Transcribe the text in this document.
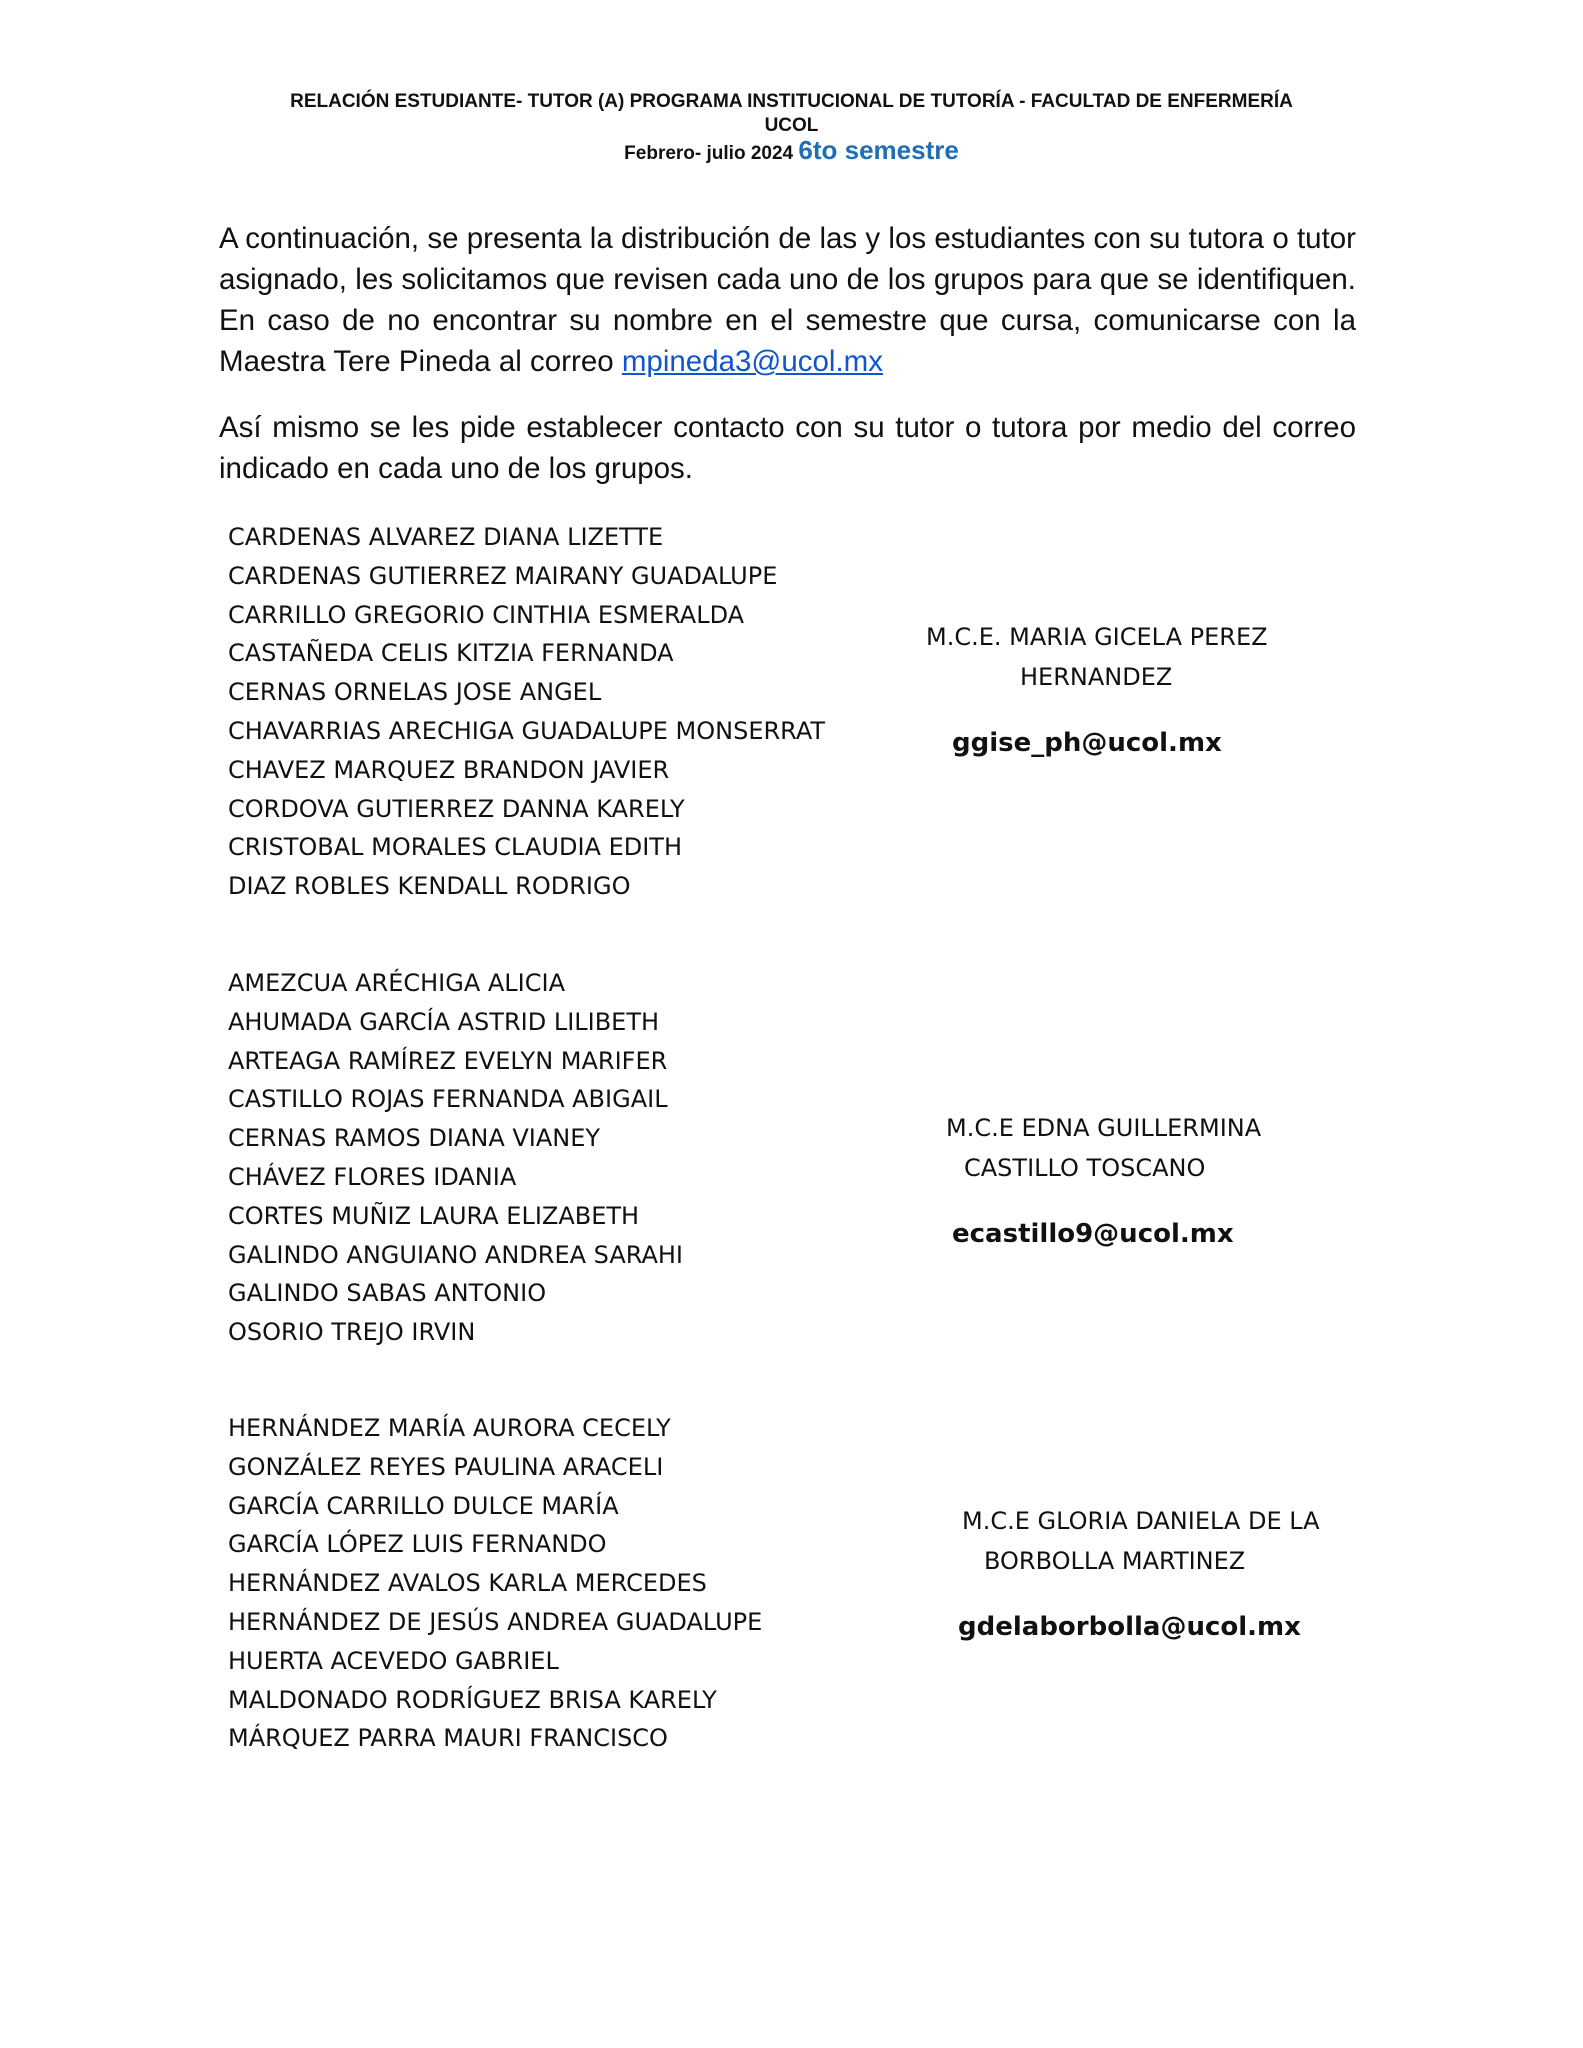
RELACIÓN ESTUDIANTE- TUTOR (A) PROGRAMA INSTITUCIONAL DE TUTORÍA - FACULTAD DE ENFERMERÍA
UCOL
Febrero- julio 2024 6to semestre

A continuación, se presenta la distribución de las y los estudiantes con su tutora o tutor asignado, les solicitamos que revisen cada uno de los grupos para que se identifiquen. En caso de no encontrar su nombre en el semestre que cursa, comunicarse con la Maestra Tere Pineda al correo mpineda3@ucol.mx

Así mismo se les pide establecer contacto con su tutor o tutora por medio del correo indicado en cada uno de los grupos.

CARDENAS ALVAREZ DIANA LIZETTE
CARDENAS GUTIERREZ MAIRANY GUADALUPE
CARRILLO GREGORIO CINTHIA ESMERALDA
CASTAÑEDA CELIS KITZIA FERNANDA
CERNAS ORNELAS JOSE ANGEL
CHAVARRIAS ARECHIGA GUADALUPE MONSERRAT
CHAVEZ MARQUEZ BRANDON JAVIER
CORDOVA GUTIERREZ DANNA KARELY
CRISTOBAL MORALES CLAUDIA EDITH
DIAZ ROBLES KENDALL RODRIGO
M.C.E. MARIA GICELA PEREZ
HERNANDEZ
ggise_ph@ucol.mx
AMEZCUA ARÉCHIGA ALICIA
AHUMADA GARCÍA ASTRID LILIBETH
ARTEAGA RAMÍREZ EVELYN MARIFER
CASTILLO ROJAS FERNANDA ABIGAIL
CERNAS RAMOS DIANA VIANEY
CHÁVEZ FLORES IDANIA
CORTES MUÑIZ LAURA ELIZABETH
GALINDO ANGUIANO ANDREA SARAHI
GALINDO SABAS ANTONIO
OSORIO TREJO IRVIN
M.C.E EDNA GUILLERMINA
CASTILLO TOSCANO
ecastillo9@ucol.mx
HERNÁNDEZ MARÍA AURORA CECELY
GONZÁLEZ REYES PAULINA ARACELI
GARCÍA CARRILLO DULCE MARÍA
GARCÍA LÓPEZ LUIS FERNANDO
HERNÁNDEZ AVALOS KARLA MERCEDES
HERNÁNDEZ DE JESÚS ANDREA GUADALUPE
HUERTA ACEVEDO GABRIEL
MALDONADO RODRÍGUEZ BRISA KARELY
MÁRQUEZ PARRA MAURI FRANCISCO
M.C.E GLORIA DANIELA DE LA
BORBOLLA MARTINEZ
gdelaborbolla@ucol.mx
